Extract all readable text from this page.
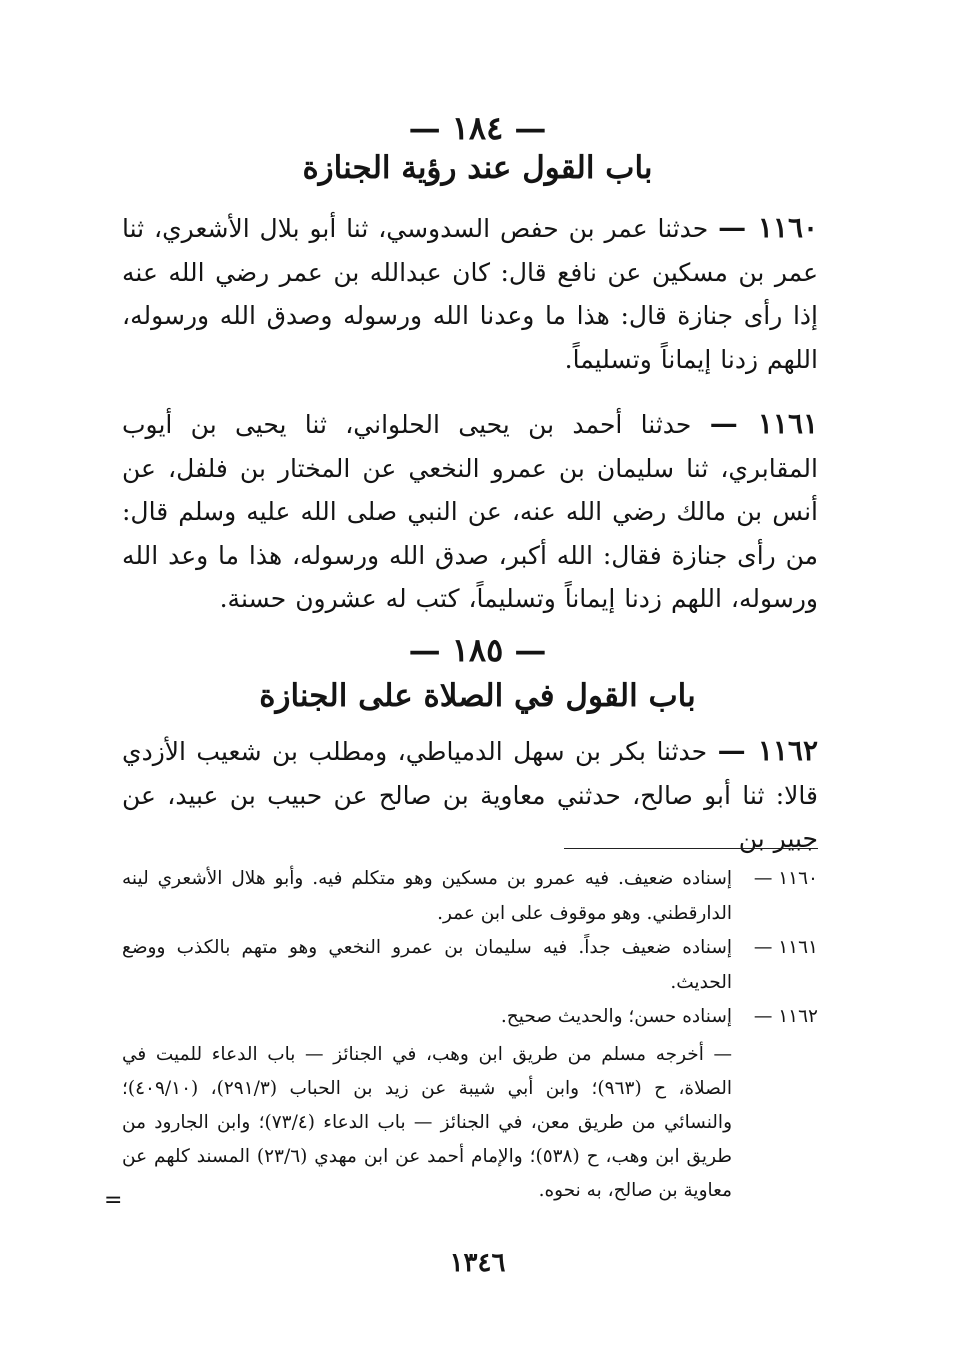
— ١٨٤ —
باب القول عند رؤية الجنازة
١١٦٠ — حدثنا عمر بن حفص السدوسي، ثنا أبو بلال الأشعري، ثنا عمر بن مسكين عن نافع قال: كان عبدالله بن عمر رضي الله عنه إذا رأى جنازة قال: هذا ما وعدنا الله ورسوله وصدق الله ورسوله، اللهم زدنا إيماناً وتسليماً.
١١٦١ — حدثنا أحمد بن يحيى الحلواني، ثنا يحيى بن أيوب المقابري، ثنا سليمان بن عمرو النخعي عن المختار بن فلفل، عن أنس بن مالك رضي الله عنه، عن النبي صلى الله عليه وسلم قال: من رأى جنازة فقال: الله أكبر، صدق الله ورسوله، هذا ما وعد الله ورسوله، اللهم زدنا إيماناً وتسليماً، كتب له عشرون حسنة.
— ١٨٥ —
باب القول في الصلاة على الجنازة
١١٦٢ — حدثنا بكر بن سهل الدمياطي، ومطلب بن شعيب الأزدي قالا: ثنا أبو صالح، حدثني معاوية بن صالح عن حبيب بن عبيد، عن جبير بن
١١٦٠ —
إسناده ضعيف. فيه عمرو بن مسكين وهو متكلم فيه. وأبو هلال الأشعري لينه الدارقطني. وهو موقوف على ابن عمر.
١١٦١ —
إسناده ضعيف جداً. فيه سليمان بن عمرو النخعي وهو متهم بالكذب ووضع الحديث.
١١٦٢ —
إسناده حسن؛ والحديث صحيح.
— أخرجه مسلم من طريق ابن وهب، في الجنائز — باب الدعاء للميت في الصلاة، ح (٩٦٣)؛ وابن أبي شيبة عن زيد بن الحباب (٢٩١/٣)، (٤٠٩/١٠)؛ والنسائي من طريق معن، في الجنائز — باب الدعاء (٧٣/٤)؛ وابن الجارود من طريق ابن وهب، ح (٥٣٨)؛ والإمام أحمد عن ابن مهدي (٢٣/٦) المسند كلهم عن معاوية بن صالح، به نحوه.
=
١٣٤٦
